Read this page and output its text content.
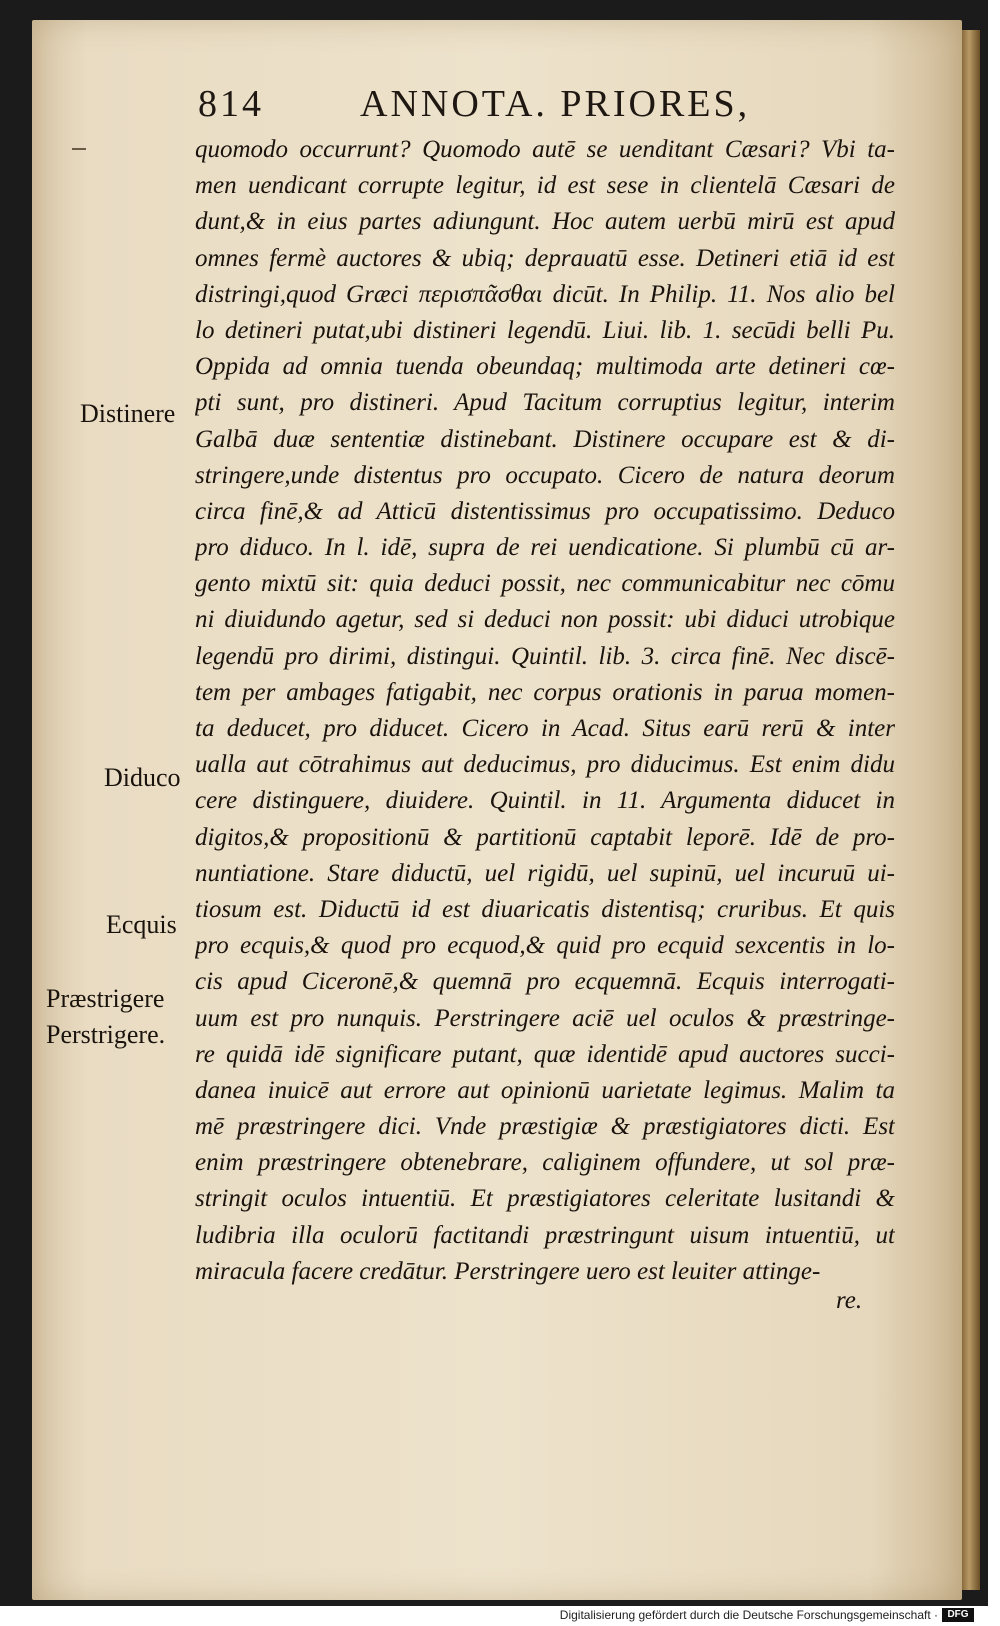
814	ANNOTA. PRIORES,
Distinere
Diduco
Ecquis
Præstrigere
Perstrigere.
quomodo occurrunt? Quomodo autē se uenditant Cæsari? Vbi ta-
men uendicant corrupte legitur, id est sese in clientelā Cæsari de
dunt,& in eius partes adiungunt. Hoc autem uerbū mirū est apud
omnes fermè auctores & ubiq; deprauatū esse. Detineri etiā id est
distringi,quod Græci περισπᾶσθαι dicūt. In Philip. 11. Nos alio bel
lo detineri putat,ubi distineri legendū. Liui. lib. 1. secūdi belli Pu.
Oppida ad omnia tuenda obeundaq; multimoda arte detineri cœ-
pti sunt, pro distineri. Apud Tacitum corruptius legitur, interim
Galbā duæ sententiæ distinebant. Distinere occupare est & di-
stringere,unde distentus pro occupato. Cicero de natura deorum
circa finē,& ad Atticū distentissimus pro occupatissimo. Deduco
pro diduco. In l. idē, supra de rei uendicatione. Si plumbū cū ar-
gento mixtū sit: quia deduci possit, nec communicabitur nec cōmu
ni diuidundo agetur, sed si deduci non possit: ubi diduci utrobique
legendū pro dirimi, distingui. Quintil. lib. 3. circa finē. Nec discē-
tem per ambages fatigabit, nec corpus orationis in parua momen-
ta deducet, pro diducet. Cicero in Acad. Situs earū rerū & inter
ualla aut cōtrahimus aut deducimus, pro diducimus. Est enim didu
cere distinguere, diuidere. Quintil. in 11. Argumenta diducet in
digitos,& propositionū & partitionū captabit leporē. Idē de pro-
nuntiatione. Stare diductū, uel rigidū, uel supinū, uel incuruū ui-
tiosum est. Diductū id est diuaricatis distentisq; cruribus. Et quis
pro ecquis,& quod pro ecquod,& quid pro ecquid sexcentis in lo-
cis apud Ciceronē,& quemnā pro ecquemnā. Ecquis interrogati-
uum est pro nunquis. Perstringere aciē uel oculos & præstringe-
re quidā idē significare putant, quæ identidē apud auctores succi-
danea inuicē aut errore aut opinionū uarietate legimus. Malim ta
mē præstringere dici. Vnde præstigiæ & præstigiatores dicti. Est
enim præstringere obtenebrare, caliginem offundere, ut sol præ-
stringit oculos intuentiū. Et præstigiatores celeritate lusitandi &
ludibria illa oculorū factitandi præstringunt uisum intuentiū, ut
miracula facere credātur. Perstringere uero est leuiter attinge-
re.
Digitalisierung gefördert durch die Deutsche Forschungsgemeinschaft · DFG
